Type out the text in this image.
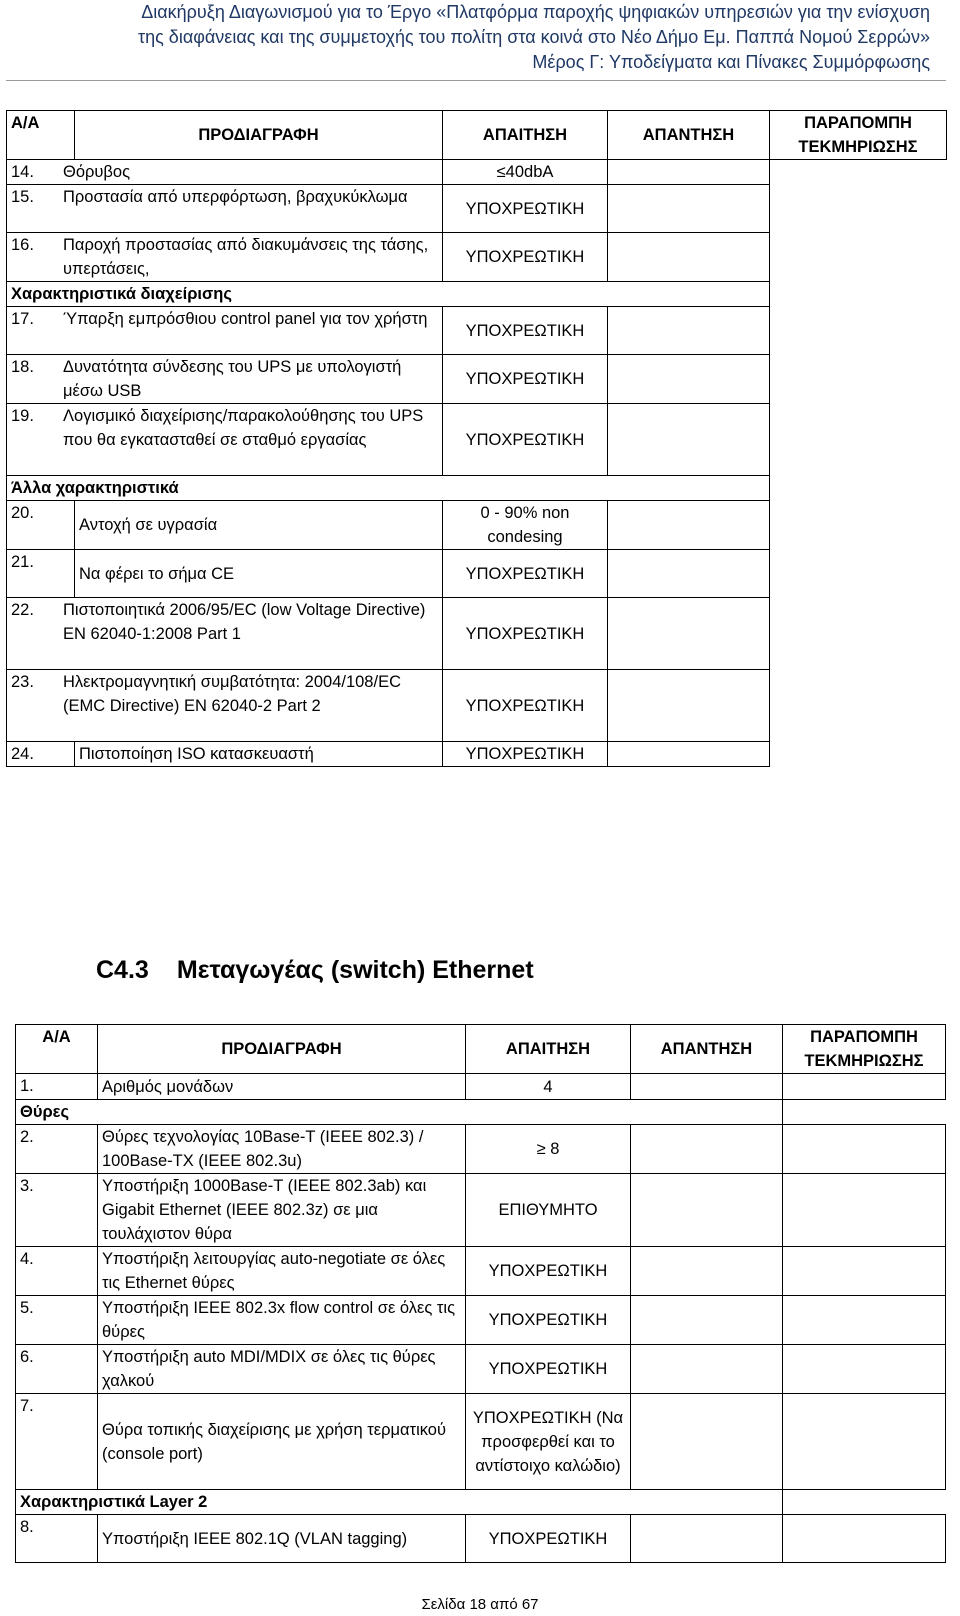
Διακήρυξη Διαγωνισμού για το Έργο «Πλατφόρμα παροχής ψηφιακών υπηρεσιών για την ενίσχυση
της διαφάνειας και της συμμετοχής του πολίτη στα κοινά στο Νέο Δήμο Εμ. Παππά Νομού Σερρών»
Μέρος Γ: Υποδείγματα και Πίνακες Συμμόρφωσης
Α/Α	ΠΡΟΔΙΑΓΡΑΦΗ	ΑΠΑΙΤΗΣΗ	ΑΠΑΝΤΗΣΗ	ΠΑΡΑΠΟΜΠΗ ΤΕΚΜΗΡΙΩΣΗΣ

14. Θόρυβος		≤40dbA		

15. Προστασία από υπερφόρτωση, βραχυκύκλωμα		ΥΠΟΧΡΕΩΤΙΚΗ		

16. Παροχή προστασίας από διακυμάνσεις της τάσης, υπερτάσεις,		ΥΠΟΧΡΕΩΤΙΚΗ		
Χαρακτηριστικά διαχείρισης				

17. Ύπαρξη εμπρόσθιου control panel για τον χρήστη		ΥΠΟΧΡΕΩΤΙΚΗ		

18. Δυνατότητα σύνδεσης του UPS με υπολογιστή μέσω USB		ΥΠΟΧΡΕΩΤΙΚΗ		

19. Λογισμικό διαχείρισης/παρακολούθησης του UPS που θα εγκατασταθεί σε σταθμό εργασίας		ΥΠΟΧΡΕΩΤΙΚΗ		
Άλλα χαρακτηριστικά				
20.	Αντοχή σε υγρασία	0 - 90% non condesing		
21.	Να φέρει το σήμα CE	ΥΠΟΧΡΕΩΤΙΚΗ		

22. Πιστοποιητικά 2006/95/EC (low Voltage Directive) EN 62040-1:2008 Part 1		ΥΠΟΧΡΕΩΤΙΚΗ		

23. Ηλεκτρομαγνητική συμβατότητα: 2004/108/EC (EMC Directive) EN 62040-2 Part 2		ΥΠΟΧΡΕΩΤΙΚΗ		
24.	Πιστοποίηση ISO κατασκευαστή	ΥΠΟΧΡΕΩΤΙΚΗ		
C4.3 Μεταγωγέας (switch) Ethernet
Α/Α	ΠΡΟΔΙΑΓΡΑΦΗ	ΑΠΑΙΤΗΣΗ	ΑΠΑΝΤΗΣΗ	ΠΑΡΑΠΟΜΠΗ ΤΕΚΜΗΡΙΩΣΗΣ
1.	Αριθμός μονάδων	4		
Θύρες				
2.	Θύρες τεχνολογίας 10Base-T (IEEE 802.3) / 100Base-TX (IEEE 802.3u)	≥ 8		
3.	Υποστήριξη 1000Base-T (IEEE 802.3ab) και Gigabit Ethernet (IEEE 802.3z) σε μια τουλάχιστον θύρα	ΕΠΙΘΥΜΗΤΟ		
4.	Υποστήριξη λειτουργίας auto-negotiate σε όλες τις Ethernet θύρες	ΥΠΟΧΡΕΩΤΙΚΗ		
5.	Υποστήριξη IEEE 802.3x flow control σε όλες τις θύρες	ΥΠΟΧΡΕΩΤΙΚΗ		
6.	Υποστήριξη auto MDI/MDIX σε όλες τις θύρες χαλκού	ΥΠΟΧΡΕΩΤΙΚΗ		
7.	Θύρα τοπικής διαχείρισης με χρήση τερματικού (console port)	ΥΠΟΧΡΕΩΤΙΚΗ (Να προσφερθεί και το αντίστοιχο καλώδιο)		
Χαρακτηριστικά Layer 2				
8.	Υποστήριξη IEEE 802.1Q (VLAN tagging)	ΥΠΟΧΡΕΩΤΙΚΗ		
Σελίδα 18 από 67
